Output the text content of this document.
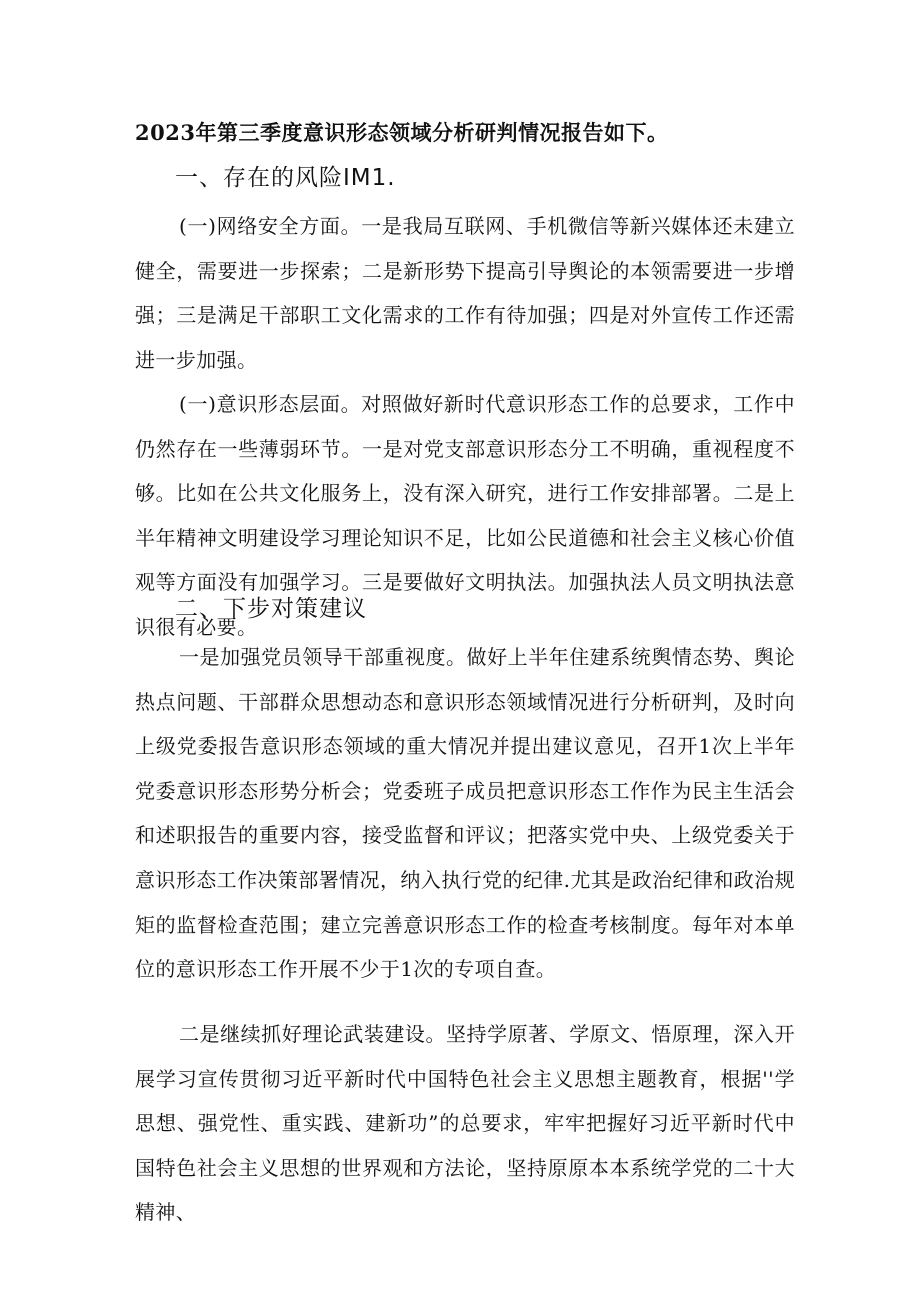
2023年第三季度意识形态领域分析研判情况报告如下。
一、存在的风险IM1.

(一)网络安全方面。一是我局互联网、手机微信等新兴媒体还未建立健全，需要进一步探索；二是新形势下提高引导舆论的本领需要进一步增强；三是满足干部职工文化需求的工作有待加强；四是对外宣传工作还需进一步加强。

(一)意识形态层面。对照做好新时代意识形态工作的总要求，工作中仍然存在一些薄弱环节。一是对党支部意识形态分工不明确，重视程度不够。比如在公共文化服务上，没有深入研究，进行工作安排部署。二是上半年精神文明建设学习理论知识不足，比如公民道德和社会主义核心价值观等方面没有加强学习。三是要做好文明执法。加强执法人员文明执法意识很有必要。

二、下步对策建议

一是加强党员领导干部重视度。做好上半年住建系统舆情态势、舆论热点问题、干部群众思想动态和意识形态领域情况进行分析研判，及时向上级党委报告意识形态领域的重大情况并提出建议意见，召开1次上半年党委意识形态形势分析会；党委班子成员把意识形态工作作为民主生活会和述职报告的重要内容，接受监督和评议；把落实党中央、上级党委关于意识形态工作决策部署情况，纳入执行党的纪律.尤其是政治纪律和政治规矩的监督检查范围；建立完善意识形态工作的检查考核制度。每年对本单位的意识形态工作开展不少于1次的专项自查。

二是继续抓好理论武装建设。坚持学原著、学原文、悟原理，深入开展学习宣传贯彻习近平新时代中国特色社会主义思想主题教育，根据''学思想、强党性、重实践、建新功”的总要求，牢牢把握好习近平新时代中国特色社会主义思想的世界观和方法论，坚持原原本本系统学党的二十大精神、
